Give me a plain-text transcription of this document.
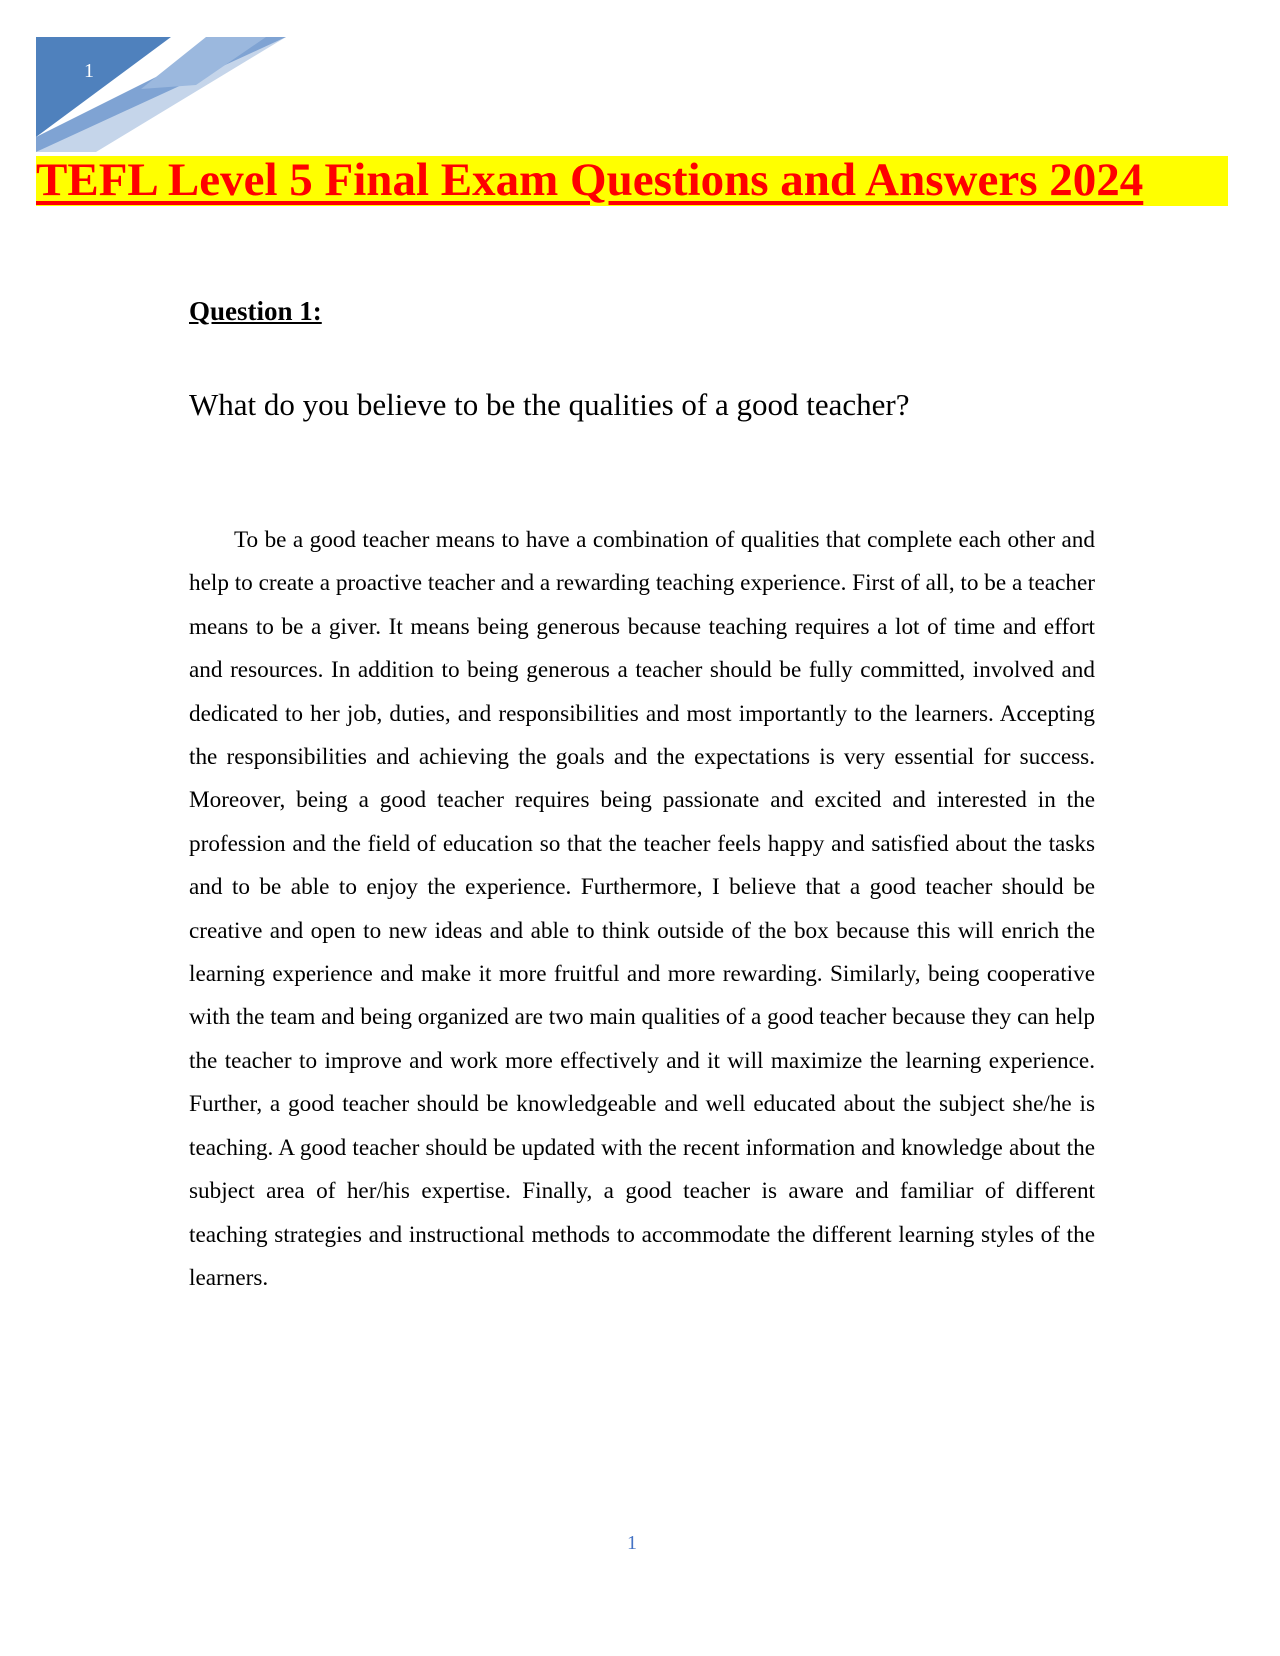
1
TEFL Level 5 Final Exam Questions and Answers 2024
Question 1:
What do you believe to be the qualities of a good teacher?

To be a good teacher means to have a combination of qualities that complete each other and help to create a proactive teacher and a rewarding teaching experience. First of all, to be a teacher means to be a giver. It means being generous because teaching requires a lot of time and effort and resources. In addition to being generous a teacher should be fully committed, involved and dedicated to her job, duties, and responsibilities and most importantly to the learners. Accepting the responsibilities and achieving the goals and the expectations is very essential for success. Moreover, being a good teacher requires being passionate and excited and interested in the profession and the field of education so that the teacher feels happy and satisfied about the tasks and to be able to enjoy the experience. Furthermore, I believe that a good teacher should be creative and open to new ideas and able to think outside of the box because this will enrich the learning experience and make it more fruitful and more rewarding. Similarly, being cooperative with the team and being organized are two main qualities of a good teacher because they can help the teacher to improve and work more effectively and it will maximize the learning experience. Further, a good teacher should be knowledgeable and well educated about the subject she/he is teaching. A good teacher should be updated with the recent information and knowledge about the subject area of her/his expertise. Finally, a good teacher is aware and familiar of different teaching strategies and instructional methods to accommodate the different learning styles of the learners.

1
